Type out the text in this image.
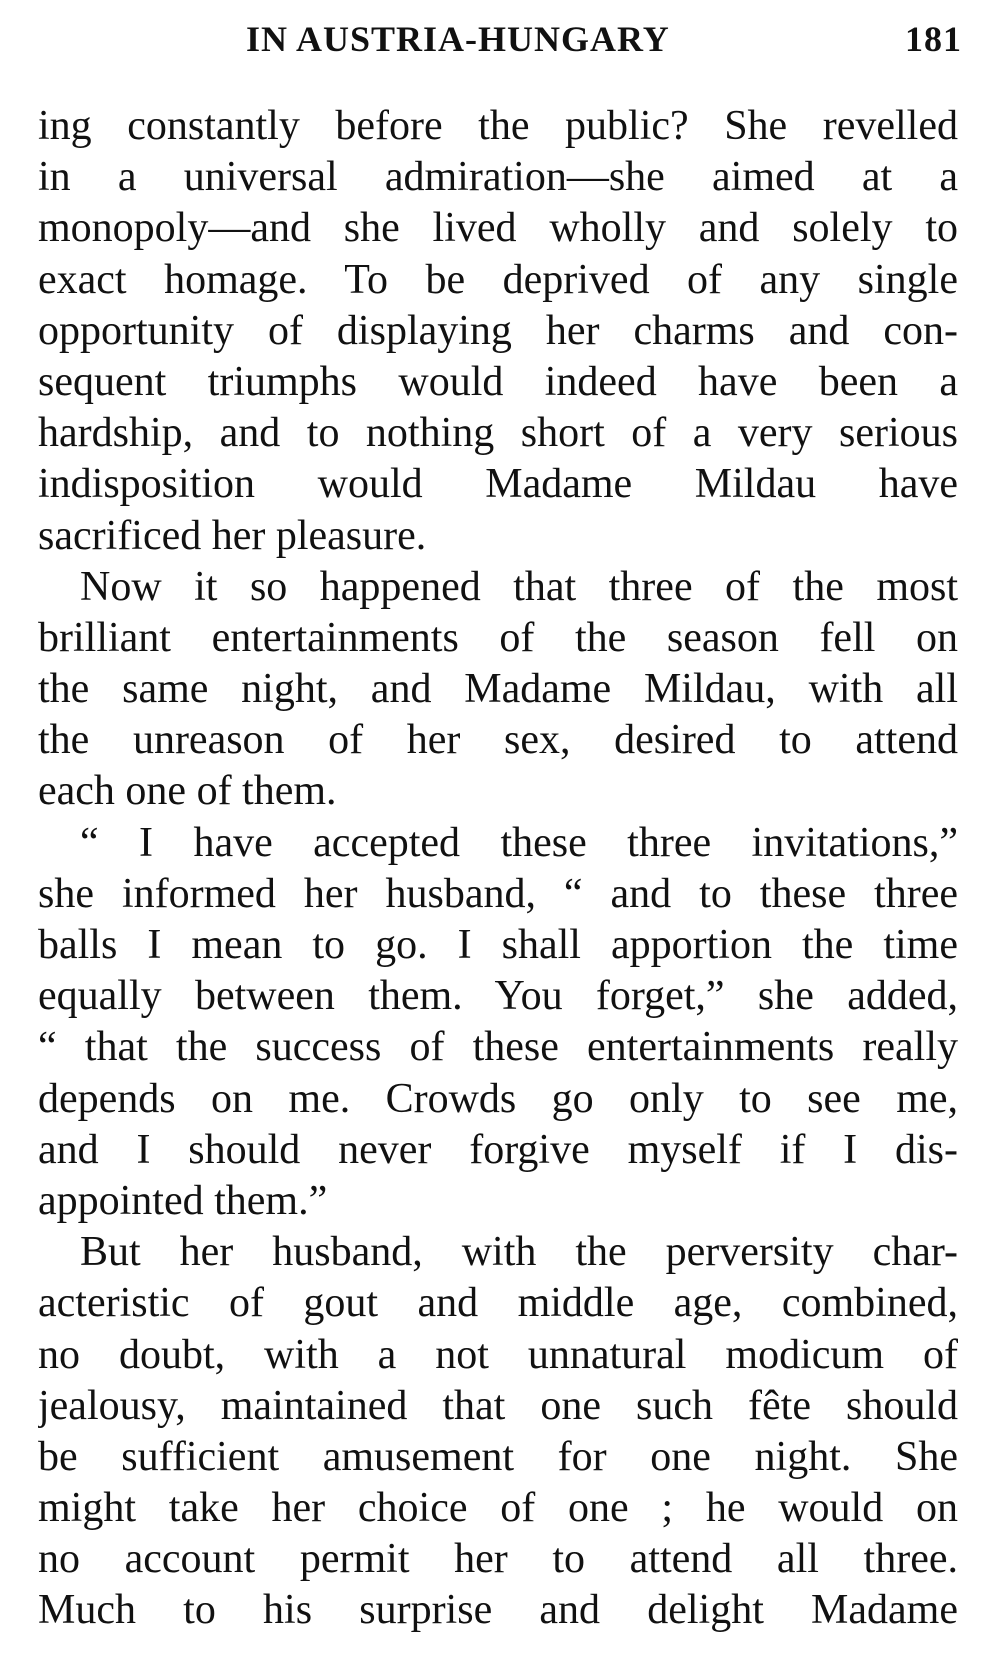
IN AUSTRIA-HUNGARY	181
ing constantly before the public? She revelled
in a universal admiration—she aimed at a
monopoly—and she lived wholly and solely to
exact homage. To be deprived of any single
opportunity of displaying her charms and con-
sequent triumphs would indeed have been a
hardship, and to nothing short of a very serious
indisposition would Madame Mildau have
sacrificed her pleasure.
Now it so happened that three of the most
brilliant entertainments of the season fell on
the same night, and Madame Mildau, with all
the unreason of her sex, desired to attend
each one of them.
“ I have accepted these three invitations,”
she informed her husband, “ and to these three
balls I mean to go. I shall apportion the time
equally between them. You forget,” she added,
“ that the success of these entertainments really
depends on me. Crowds go only to see me,
and I should never forgive myself if I dis-
appointed them.”
But her husband, with the perversity char-
acteristic of gout and middle age, combined,
no doubt, with a not unnatural modicum of
jealousy, maintained that one such fête should
be sufficient amusement for one night. She
might take her choice of one ; he would on
no account permit her to attend all three.
Much to his surprise and delight Madame
